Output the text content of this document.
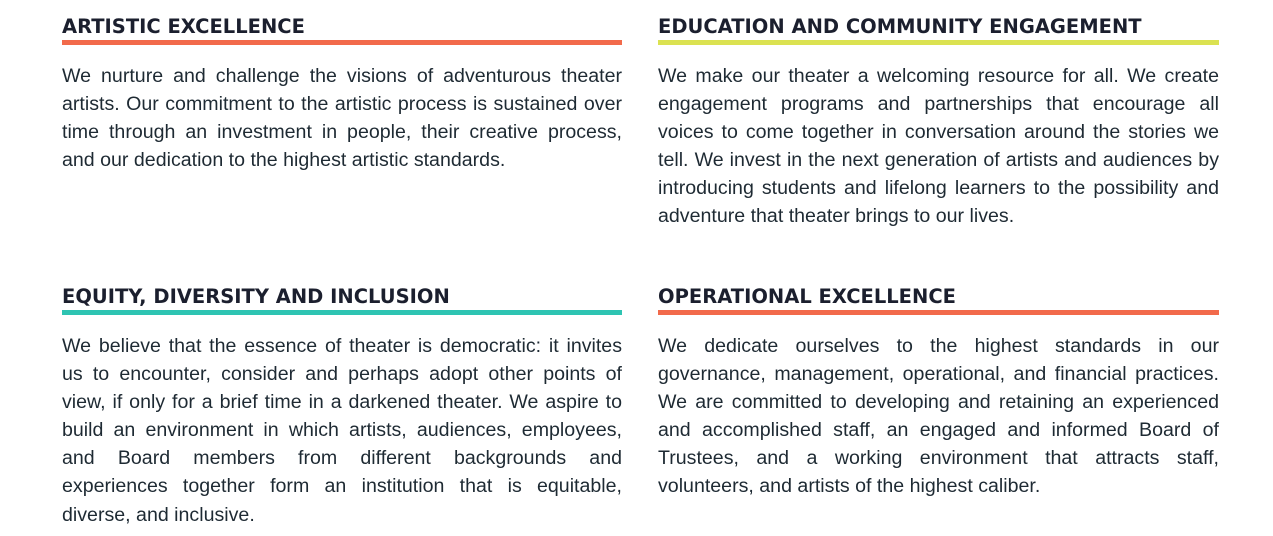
ARTISTIC EXCELLENCE

We nurture and challenge the visions of adventurous theater artists. Our commitment to the artistic process is sustained over time through an investment in people, their creative process, and our dedication to the highest artistic standards.

EDUCATION AND COMMUNITY ENGAGEMENT

We make our theater a welcoming resource for all. We create engagement programs and partnerships that encourage all voices to come together in conversation around the stories we tell. We invest in the next generation of artists and audiences by introducing students and lifelong learners to the possibility and adventure that theater brings to our lives.

EQUITY, DIVERSITY AND INCLUSION

We believe that the essence of theater is democratic: it invites us to encounter, consider and perhaps adopt other points of view, if only for a brief time in a darkened theater. We aspire to build an environment in which artists, audiences, employees, and Board members from different backgrounds and experiences together form an institution that is equitable, diverse, and inclusive.

OPERATIONAL EXCELLENCE

We dedicate ourselves to the highest standards in our governance, management, operational, and financial practices. We are committed to developing and retaining an experienced and accomplished staff, an engaged and informed Board of Trustees, and a working environment that attracts staff, volunteers, and artists of the highest caliber.
